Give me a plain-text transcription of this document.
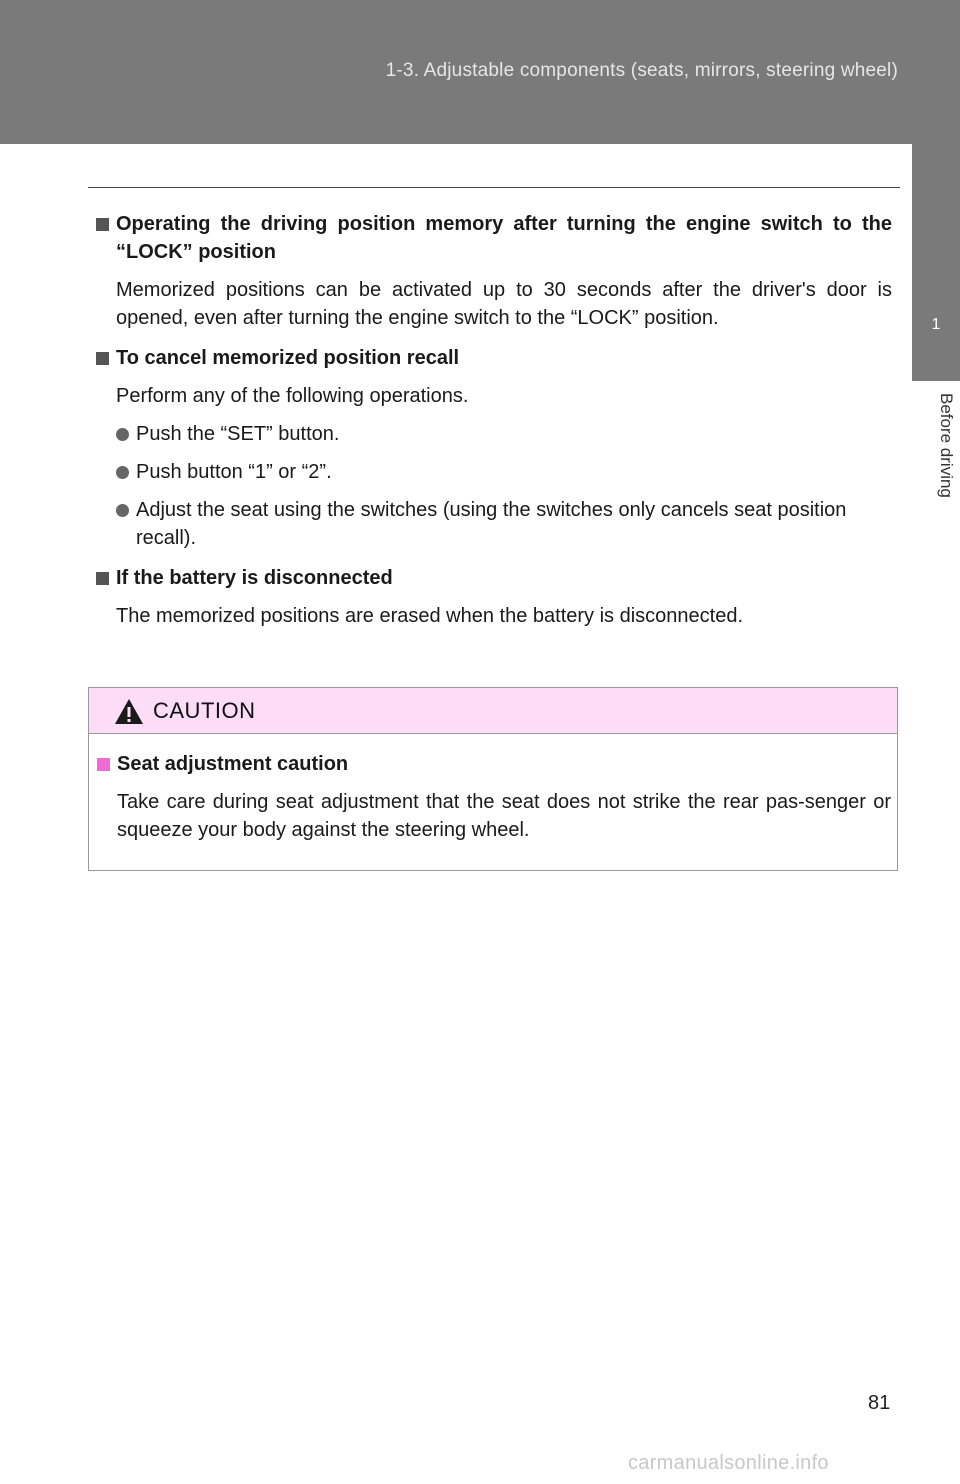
1-3. Adjustable components (seats, mirrors, steering wheel)
1
Before driving

Operating the driving position memory after turning the engine switch to the “LOCK” position

Memorized positions can be activated up to 30 seconds after the driver's door is opened, even after turning the engine switch to the “LOCK” position.

To cancel memorized position recall

Perform any of the following operations.

Push the “SET” button.
Push button “1” or “2”.
Adjust the seat using the switches (using the switches only cancels seat position recall).

If the battery is disconnected

The memorized positions are erased when the battery is disconnected.

CAUTION

Seat adjustment caution

Take care during seat adjustment that the seat does not strike the rear pas-senger or squeeze your body against the steering wheel.

81
carmanualsonline.info
